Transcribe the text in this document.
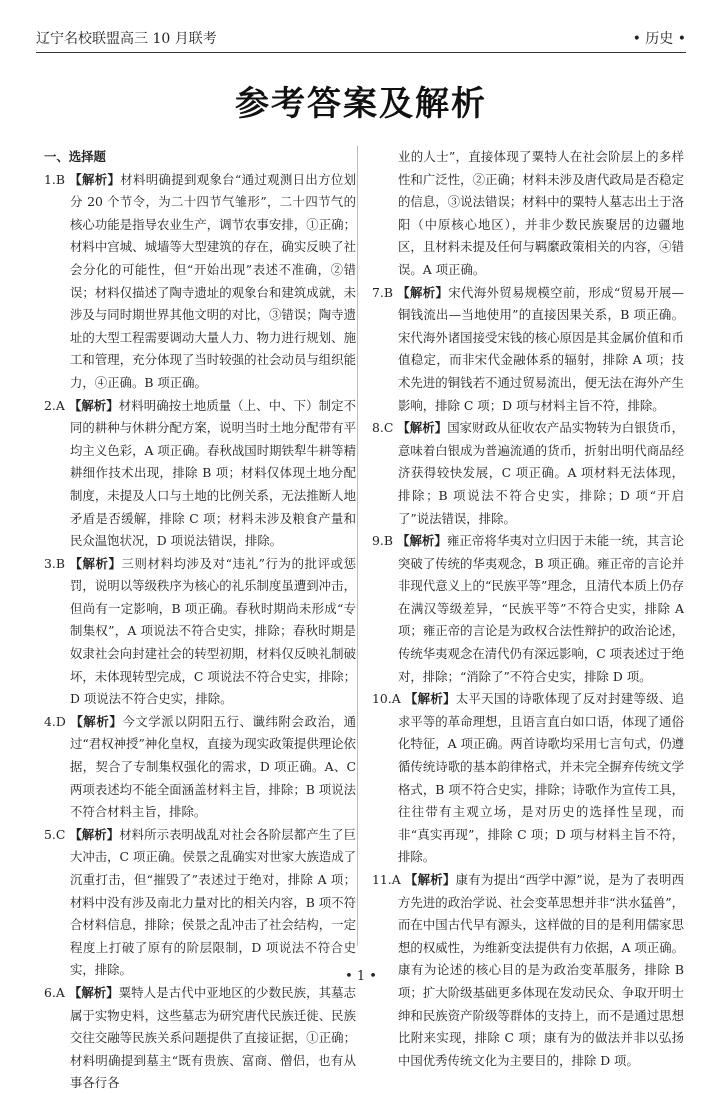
辽宁名校联盟高三 10 月联考	• 历史 •
参考答案及解析

一、选择题

1.B 【解析】材料明确提到观象台“通过观测日出方位划分 20 个节令，为二十四节气雏形”，二十四节气的核心功能是指导农业生产，调节农事安排，①正确；材料中宫城、城墙等大型建筑的存在，确实反映了社会分化的可能性，但“开始出现”表述不准确，②错误；材料仅描述了陶寺遗址的观象台和建筑成就，未涉及与同时期世界其他文明的对比，③错误；陶寺遗址的大型工程需要调动大量人力、物力进行规划、施工和管理，充分体现了当时较强的社会动员与组织能力，④正确。B 项正确。

2.A 【解析】材料明确按土地质量（上、中、下）制定不同的耕种与休耕分配方案，说明当时土地分配带有平均主义色彩，A 项正确。春秋战国时期铁犁牛耕等精耕细作技术出现，排除 B 项；材料仅体现土地分配制度，未提及人口与土地的比例关系，无法推断人地矛盾是否缓解，排除 C 项；材料未涉及粮食产量和民众温饱状况，D 项说法错误，排除。

3.B 【解析】三则材料均涉及对“违礼”行为的批评或惩罚，说明以等级秩序为核心的礼乐制度虽遭到冲击，但尚有一定影响，B 项正确。春秋时期尚未形成“专制集权”，A 项说法不符合史实，排除；春秋时期是奴隶社会向封建社会的转型初期，材料仅反映礼制破坏，未体现转型完成，C 项说法不符合史实，排除；D 项说法不符合史实，排除。

4.D 【解析】今文学派以阴阳五行、谶纬附会政治，通过“君权神授”神化皇权，直接为现实政策提供理论依据，契合了专制集权强化的需求，D 项正确。A、C 两项表述均不能全面涵盖材料主旨，排除；B 项说法不符合材料主旨，排除。

5.C 【解析】材料所示表明战乱对社会各阶层都产生了巨大冲击，C 项正确。侯景之乱确实对世家大族造成了沉重打击，但“摧毁了”表述过于绝对，排除 A 项；材料中没有涉及南北力量对比的相关内容，B 项不符合材料信息，排除；侯景之乱冲击了社会结构，一定程度上打破了原有的阶层限制，D 项说法不符合史实，排除。

6.A 【解析】粟特人是古代中亚地区的少数民族，其墓志属于实物史料，这些墓志为研究唐代民族迁徙、民族交往交融等民族关系问题提供了直接证据，①正确；材料明确提到墓主“既有贵族、富商、僧侣，也有从事各行各

业的人士”，直接体现了粟特人在社会阶层上的多样性和广泛性，②正确；材料未涉及唐代政局是否稳定的信息，③说法错误；材料中的粟特人墓志出土于洛阳（中原核心地区），并非少数民族聚居的边疆地区，且材料未提及任何与羁縻政策相关的内容，④错误。A 项正确。

7.B 【解析】宋代海外贸易规模空前，形成“贸易开展—铜钱流出—当地使用”的直接因果关系，B 项正确。宋代海外诸国接受宋钱的核心原因是其金属价值和币值稳定，而非宋代金融体系的辐射，排除 A 项；技术先进的铜钱若不通过贸易流出，便无法在海外产生影响，排除 C 项；D 项与材料主旨不符，排除。

8.C 【解析】国家财政从征收农产品实物转为白银货币，意味着白银成为普遍流通的货币，折射出明代商品经济获得较快发展，C 项正确。A 项材料无法体现，排除；B 项说法不符合史实，排除；D 项“开启了”说法错误，排除。

9.B 【解析】雍正帝将华夷对立归因于未能一统，其言论突破了传统的华夷观念，B 项正确。雍正帝的言论并非现代意义上的“民族平等”理念，且清代本质上仍存在满汉等级差异，“民族平等”不符合史实，排除 A 项；雍正帝的言论是为政权合法性辩护的政治论述，传统华夷观念在清代仍有深远影响，C 项表述过于绝对，排除；“消除了”不符合史实，排除 D 项。

10.A 【解析】太平天国的诗歌体现了反对封建等级、追求平等的革命理想，且语言直白如口语，体现了通俗化特征，A 项正确。两首诗歌均采用七言句式，仍遵循传统诗歌的基本韵律格式，并未完全摒弃传统文学格式，B 项不符合史实，排除；诗歌作为宣传工具，往往带有主观立场，是对历史的选择性呈现，而非“真实再现”，排除 C 项；D 项与材料主旨不符，排除。

11.A 【解析】康有为提出“西学中源”说，是为了表明西方先进的政治学说、社会变革思想并非“洪水猛兽”，而在中国古代早有源头，这样做的目的是利用儒家思想的权威性，为维新变法提供有力依据，A 项正确。康有为论述的核心目的是为政治变革服务，排除 B 项；扩大阶级基础更多体现在发动民众、争取开明士绅和民族资产阶级等群体的支持上，而不是通过思想比附来实现，排除 C 项；康有为的做法并非以弘扬中国优秀传统文化为主要目的，排除 D 项。

• 1 •
